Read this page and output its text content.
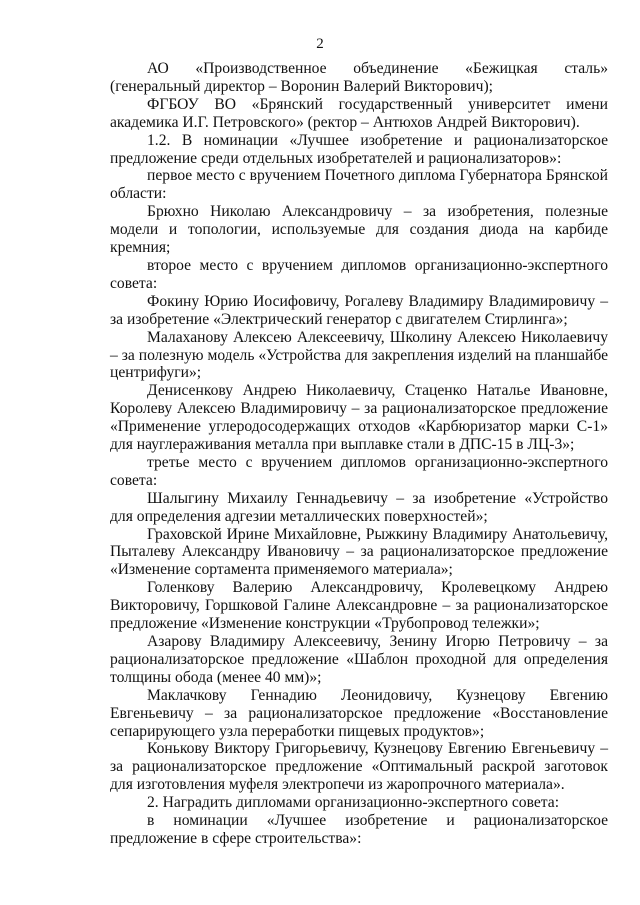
2

АО «Производственное объединение «Бежицкая сталь» (генеральный директор – Воронин Валерий Викторович);

ФГБОУ ВО «Брянский государственный университет имени академика И.Г. Петровского» (ректор – Антюхов Андрей Викторович).

1.2. В номинации «Лучшее изобретение и рационализаторское предложение среди отдельных изобретателей и рационализаторов»:

первое место с вручением Почетного диплома Губернатора Брянской области:

Брюхно Николаю Александровичу – за изобретения, полезные модели и топологии, используемые для создания диода на карбиде кремния;

второе место с вручением дипломов организационно-экспертного совета:

Фокину Юрию Иосифовичу, Рогалеву Владимиру Владимировичу – за изобретение «Электрический генератор с двигателем Стирлинга»;

Малаханову Алексею Алексеевичу, Школину Алексею Николаевичу – за полезную модель «Устройства для закрепления изделий на планшайбе центрифуги»;

Денисенкову Андрею Николаевичу, Стаценко Наталье Ивановне, Королеву Алексею Владимировичу – за рационализаторское предложение «Применение углеродосодержащих отходов «Карбюризатор марки С-1» для науглераживания металла при выплавке стали в ДПС-15 в ЛЦ-3»;

третье место с вручением дипломов организационно-экспертного совета:

Шалыгину Михаилу Геннадьевичу – за изобретение «Устройство для определения адгезии металлических поверхностей»;

Граховской Ирине Михайловне, Рыжкину Владимиру Анатольевичу, Пыталеву Александру Ивановичу – за рационализаторское предложение «Изменение сортамента применяемого материала»;

Голенкову Валерию Александровичу, Кролевецкому Андрею Викторовичу, Горшковой Галине Александровне – за рационализаторское предложение «Изменение конструкции «Трубопровод тележки»;

Азарову Владимиру Алексеевичу, Зенину Игорю Петровичу – за рационализаторское предложение «Шаблон проходной для определения толщины обода (менее 40 мм)»;

Маклачкову Геннадию Леонидовичу, Кузнецову Евгению Евгеньевичу – за рационализаторское предложение «Восстановление сепарирующего узла переработки пищевых продуктов»;

Конькову Виктору Григорьевичу, Кузнецову Евгению Евгеньевичу – за рационализаторское предложение «Оптимальный раскрой заготовок для изготовления муфеля электропечи из жаропрочного материала».

2. Наградить дипломами организационно-экспертного совета:

в номинации «Лучшее изобретение и рационализаторское предложение в сфере строительства»:
